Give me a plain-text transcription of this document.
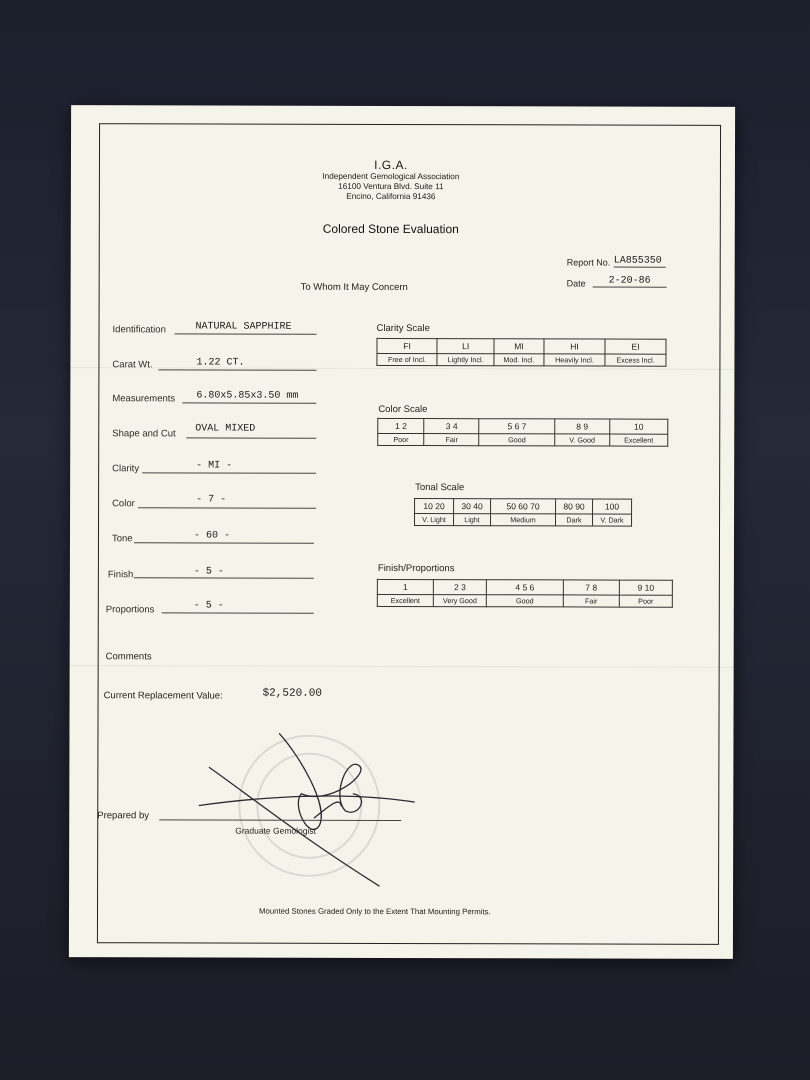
I.G.A.
Independent Gemological Association
16100 Ventura Blvd. Suite 11
Encino, California 91436
Colored Stone Evaluation
Report No. LA855350
To Whom It May Concern	Date	2-20-86
Identification	NATURAL SAPPHIRE
Carat Wt.	1.22 CT.
Measurements 6.80x5.85x3.50 mm
Shape and Cut OVAL MIXED
Clarity	- MI -
Color	- 7 -
Tone	- 60 -
Finish	- 5 -
Proportions	- 5 -
Clarity Scale
FI	LI	MI	HI	EI
Free of Incl.	Lightly Incl.	Mod. Incl.	Heavily Incl.	Excess Incl.
Color Scale
1 2	3 4	5 6 7	8 9	10
Poor	Fair	Good	V. Good	Excellent
Tonal Scale
10 20	30 40	50 60 70	80 90	100
V. Light	Light	Medium	Dark	V. Dark
Finish/Proportions
1	2 3	4 5 6	7 8	9 10
Excellent	Very Good	Good	Fair	Poor
Comments
Current Replacement Value:	$2,520.00
Prepared by
Graduate Gemologist
Mounted Stones Graded Only to the Extent That Mounting Permits.
